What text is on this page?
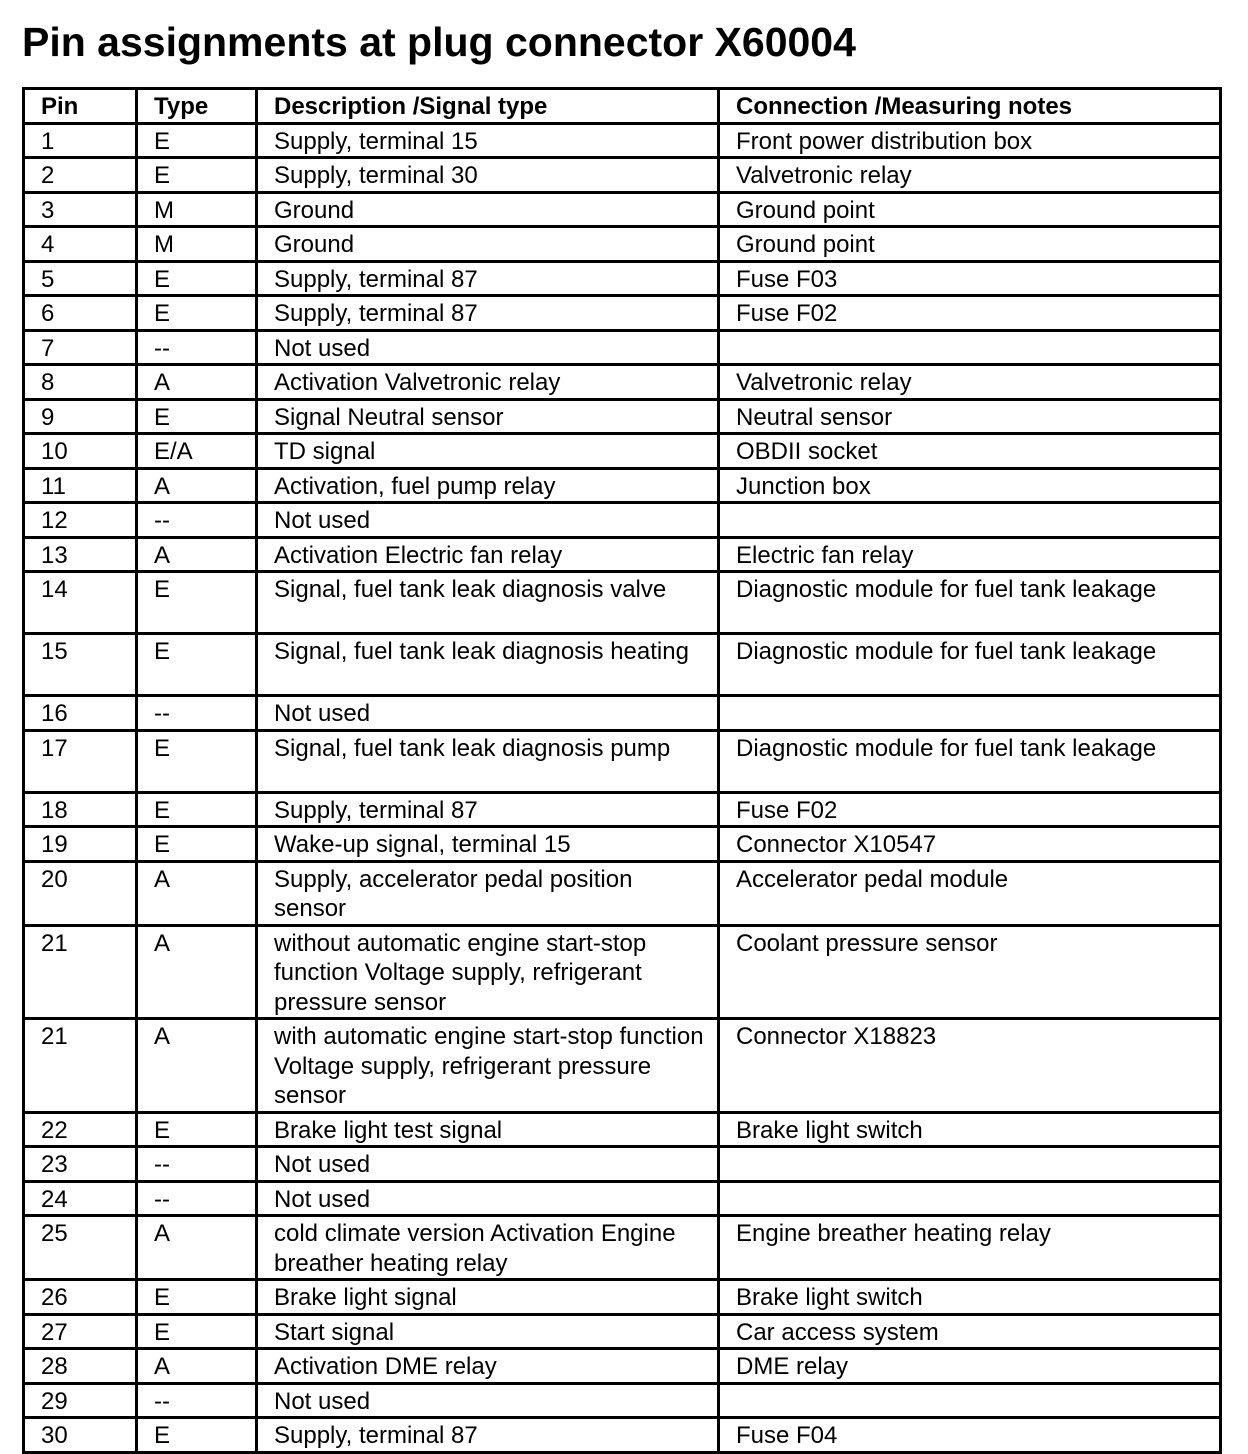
Pin assignments at plug connector X60004
Pin	Type	Description /Signal type	Connection /Measuring notes
1	E	Supply, terminal 15	Front power distribution box
2	E	Supply, terminal 30	Valvetronic relay
3	M	Ground	Ground point
4	M	Ground	Ground point
5	E	Supply, terminal 87	Fuse F03
6	E	Supply, terminal 87	Fuse F02
7	--	Not used	
8	A	Activation Valvetronic relay	Valvetronic relay
9	E	Signal Neutral sensor	Neutral sensor
10	E/A	TD signal	OBDII socket
11	A	Activation, fuel pump relay	Junction box
12	--	Not used	
13	A	Activation Electric fan relay	Electric fan relay
14	E	Signal, fuel tank leak diagnosis valve	Diagnostic module for fuel tank leakage
15	E	Signal, fuel tank leak diagnosis heating	Diagnostic module for fuel tank leakage
16	--	Not used	
17	E	Signal, fuel tank leak diagnosis pump	Diagnostic module for fuel tank leakage
18	E	Supply, terminal 87	Fuse F02
19	E	Wake-up signal, terminal 15	Connector X10547
20	A	Supply, accelerator pedal position sensor	Accelerator pedal module
21	A	without automatic engine start-stop function Voltage supply, refrigerant pressure sensor	Coolant pressure sensor
21	A	with automatic engine start-stop function Voltage supply, refrigerant pressure sensor	Connector X18823
22	E	Brake light test signal	Brake light switch
23	--	Not used	
24	--	Not used	
25	A	cold climate version Activation Engine breather heating relay	Engine breather heating relay
26	E	Brake light signal	Brake light switch
27	E	Start signal	Car access system
28	A	Activation DME relay	DME relay
29	--	Not used	
30	E	Supply, terminal 87	Fuse F04
